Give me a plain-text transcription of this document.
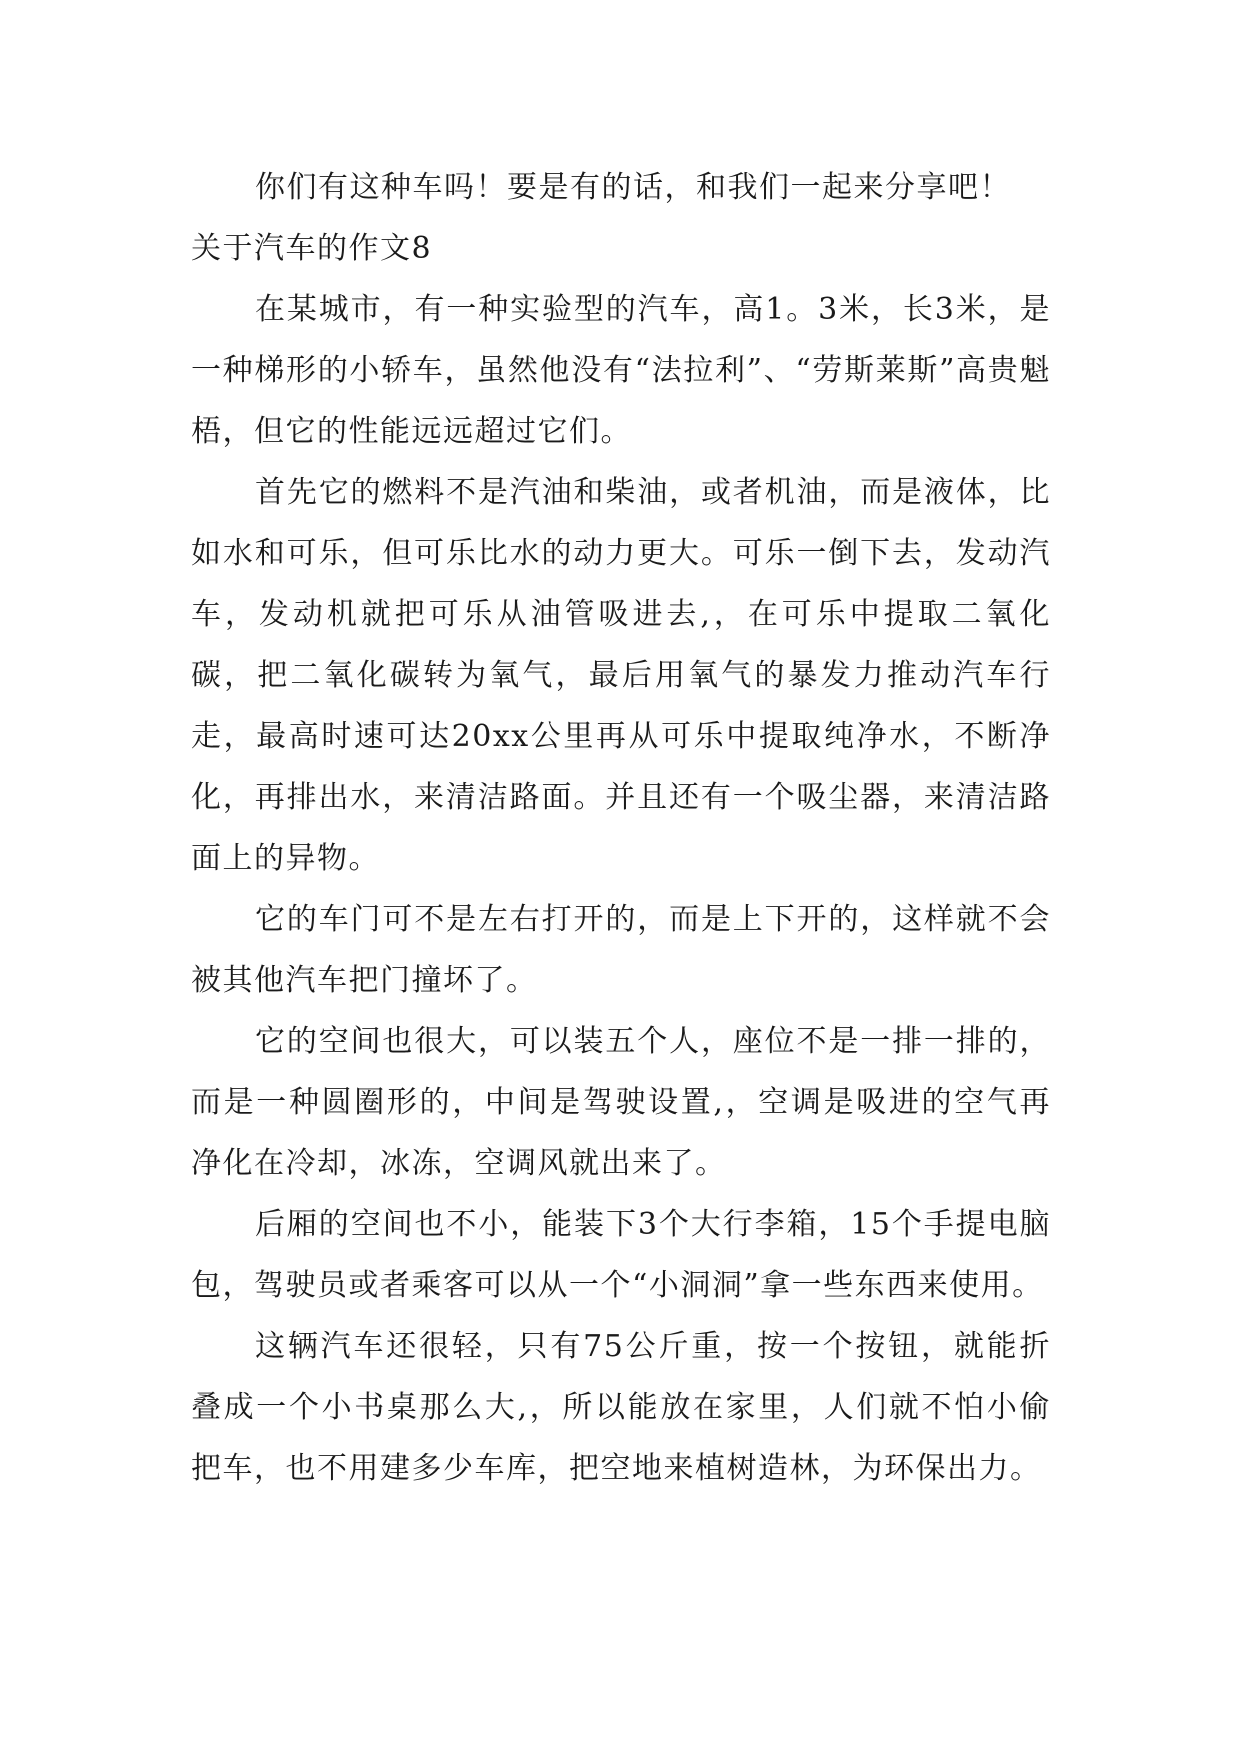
你们有这种车吗！要是有的话，和我们一起来分享吧！

关于汽车的作文8

在某城市，有一种实验型的汽车，高1。3米，长3米，是一种梯形的小轿车，虽然他没有“法拉利”、“劳斯莱斯”高贵魁梧，但它的性能远远超过它们。

首先它的燃料不是汽油和柴油，或者机油，而是液体，比如水和可乐，但可乐比水的动力更大。可乐一倒下去，发动汽车，发动机就把可乐从油管吸进去,，在可乐中提取二氧化碳，把二氧化碳转为氧气，最后用氧气的暴发力推动汽车行走，最高时速可达20xx公里再从可乐中提取纯净水，不断净化，再排出水，来清洁路面。并且还有一个吸尘器，来清洁路面上的异物。

它的车门可不是左右打开的，而是上下开的，这样就不会被其他汽车把门撞坏了。

它的空间也很大，可以装五个人，座位不是一排一排的，而是一种圆圈形的，中间是驾驶设置,，空调是吸进的空气再净化在冷却，冰冻，空调风就出来了。

后厢的空间也不小，能装下3个大行李箱，15个手提电脑包，驾驶员或者乘客可以从一个“小洞洞”拿一些东西来使用。

这辆汽车还很轻，只有75公斤重，按一个按钮，就能折叠成一个小书桌那么大,，所以能放在家里，人们就不怕小偷把车，也不用建多少车库，把空地来植树造林，为环保出力。
